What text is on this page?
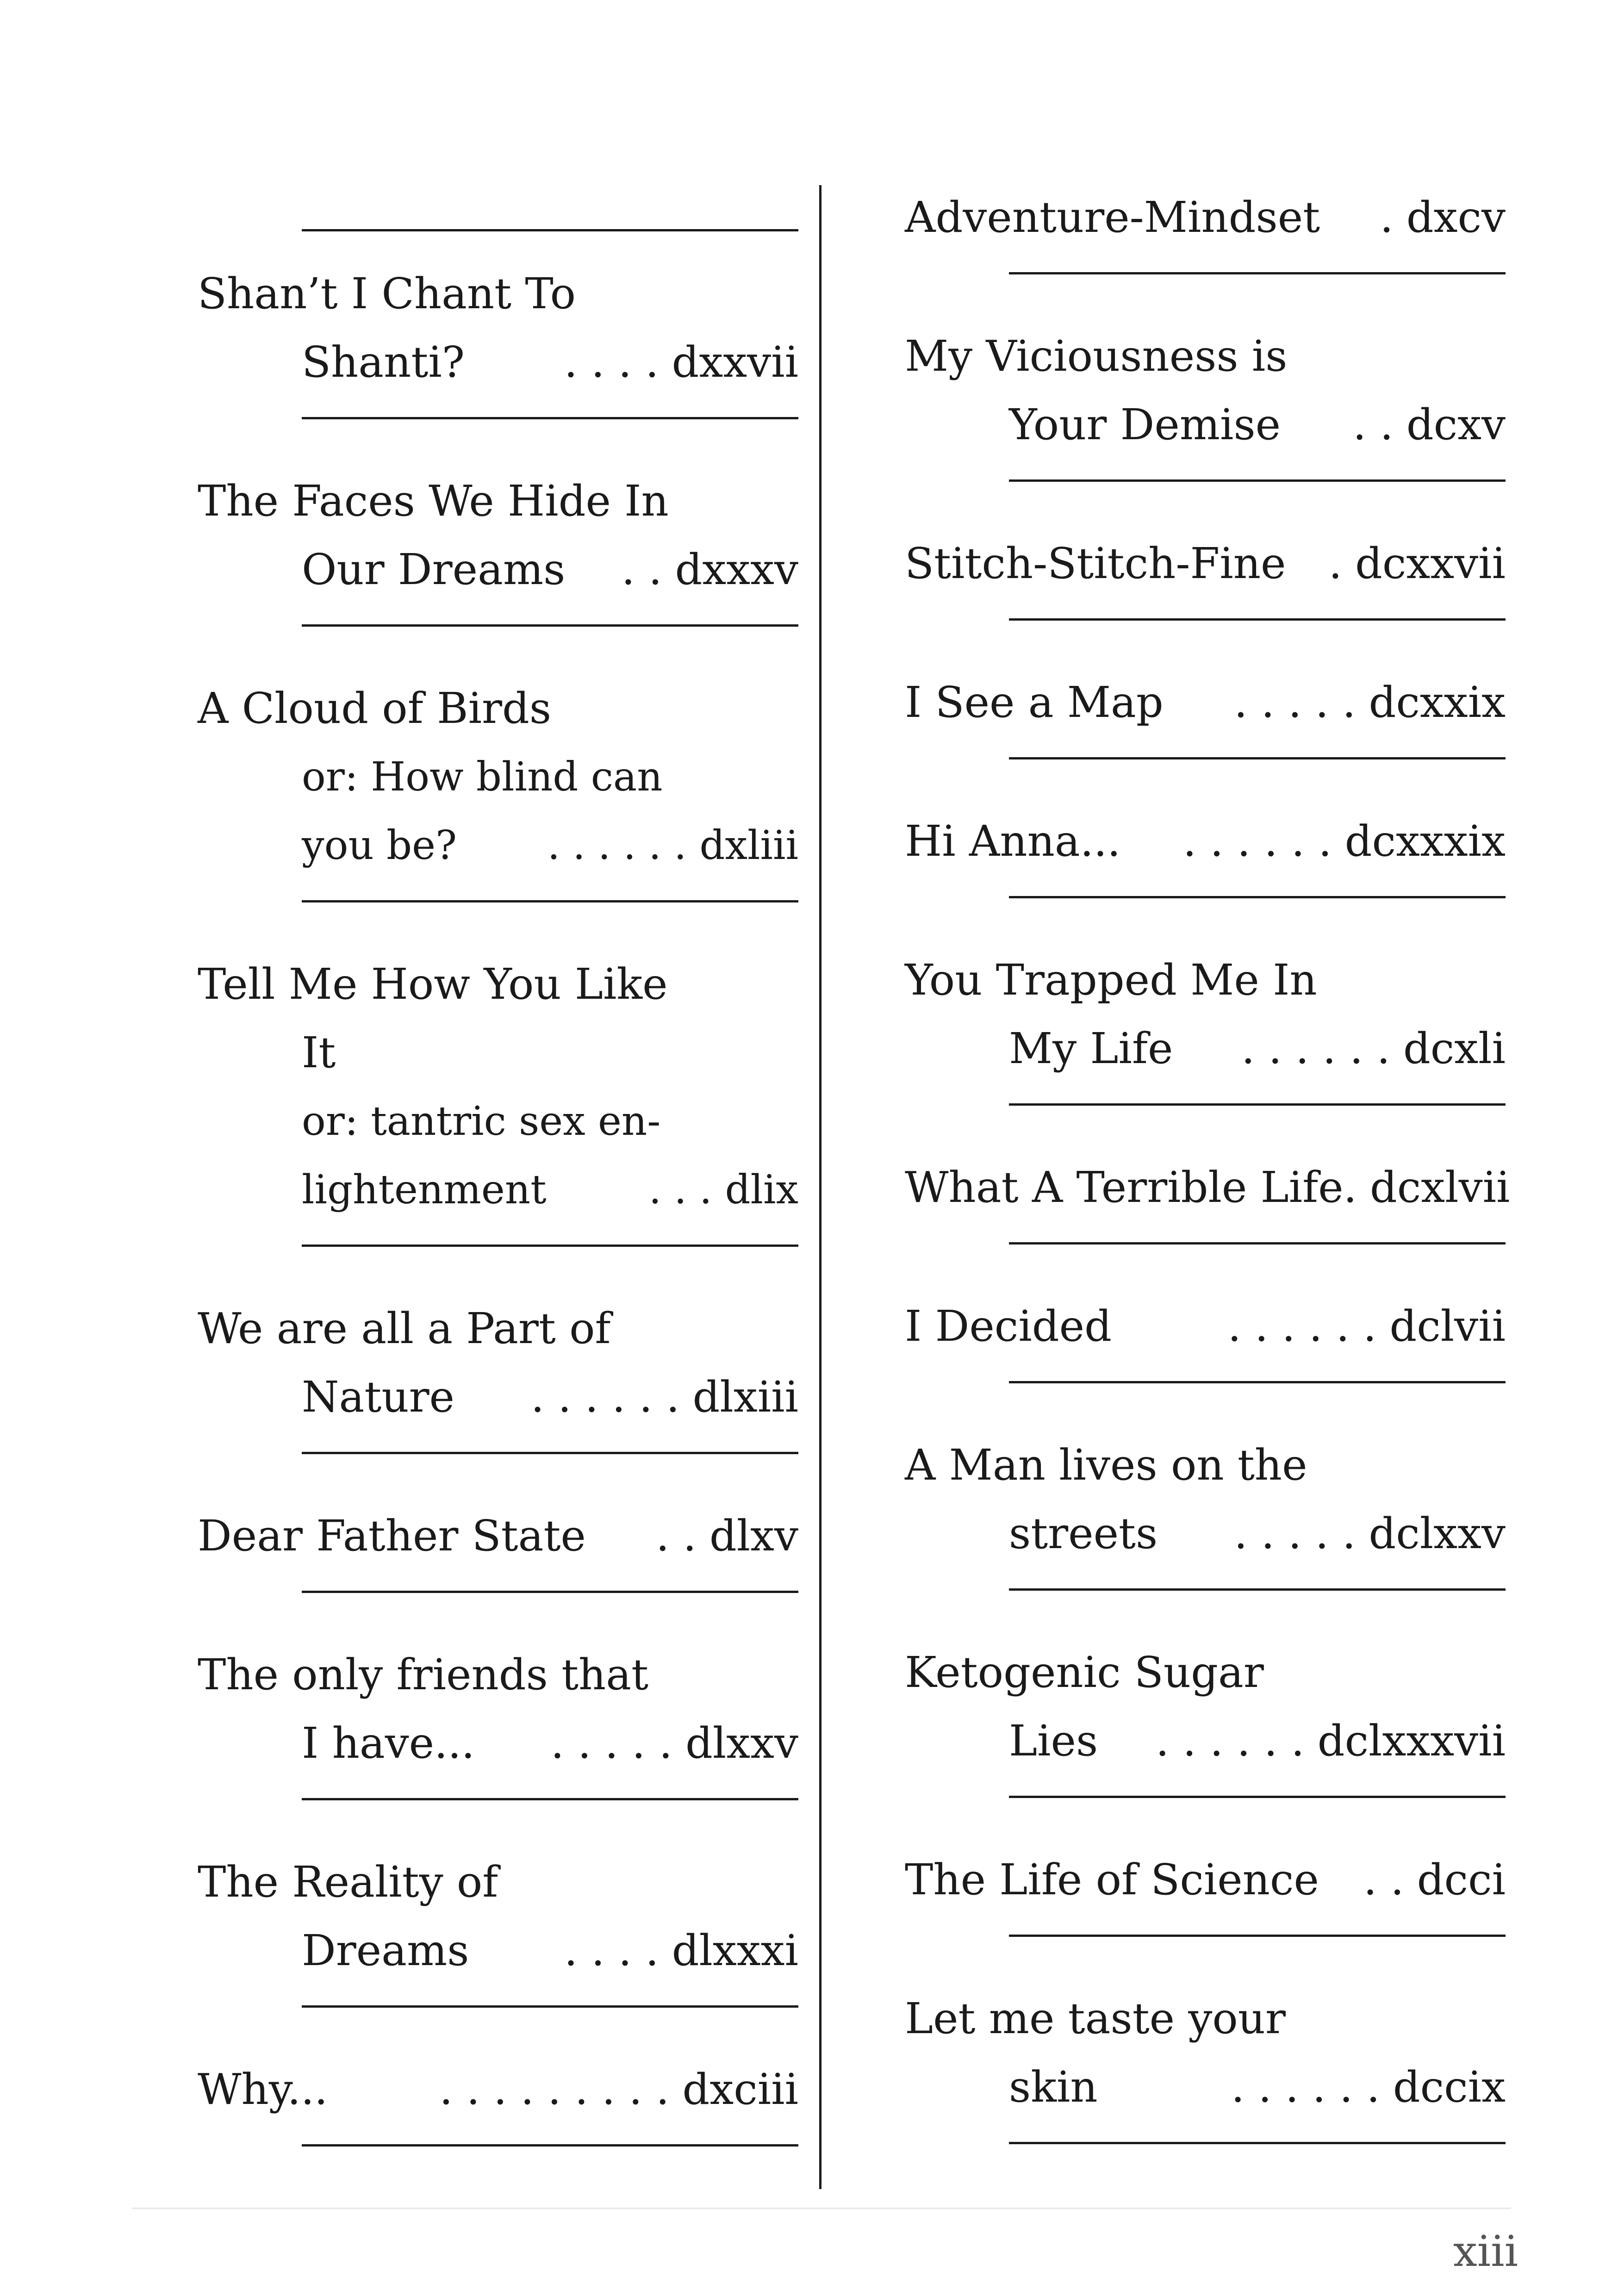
Shan’t I Chant To
Shanti?	. . . . dxxvii
The Faces We Hide In
Our Dreams	. . dxxxv
A Cloud of Birds
or: How blind can
you be?	. . . . . . dxliii
Tell Me How You Like
It
or: tantric sex en-
lightenment	. . . dlix
We are all a Part of
Nature	. . . . . . dlxiii
Dear Father State	. . dlxv
The only friends that
I have...	. . . . . dlxxv
The Reality of
Dreams	. . . . dlxxxi
Why...	. . . . . . . . . dxciii
Adventure-Mindset	. dxcv
My Viciousness is
Your Demise	. . dcxv
Stitch-Stitch-Fine	. dcxxvii
I See a Map	. . . . . dcxxix
Hi Anna...	. . . . . . dcxxxix
You Trapped Me In
My Life	. . . . . . dcxli
What A Terrible Life. dcxlvii
I Decided	. . . . . . dclvii
A Man lives on the
streets	. . . . . dclxxv
Ketogenic Sugar
Lies	. . . . . . dclxxxvii
The Life of Science	. . dcci
Let me taste your
skin	. . . . . . dccix
xiii
